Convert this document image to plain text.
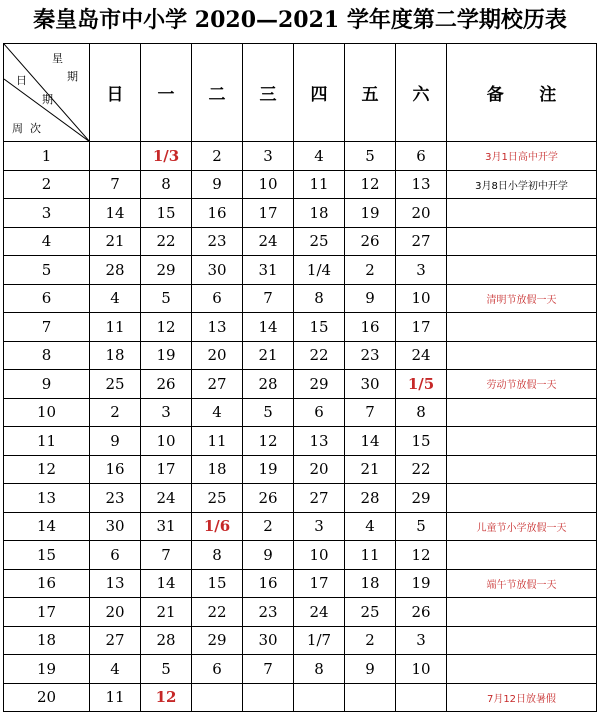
秦皇岛市中小学 2020—2021 学年度第二学期校历表
星
期
日
期
周  次	日	一	二	三	四	五	六	备      注
1		1/3	2	3	4	5	6	3月1日高中开学
2	7	8	9	10	11	12	13	3月8日小学初中开学
3	14	15	16	17	18	19	20	
4	21	22	23	24	25	26	27	
5	28	29	30	31	1/4	2	3	
6	4	5	6	7	8	9	10	清明节放假一天
7	11	12	13	14	15	16	17	
8	18	19	20	21	22	23	24	
9	25	26	27	28	29	30	1/5	劳动节放假一天
10	2	3	4	5	6	7	8	
11	9	10	11	12	13	14	15	
12	16	17	18	19	20	21	22	
13	23	24	25	26	27	28	29	
14	30	31	1/6	2	3	4	5	儿童节小学放假一天
15	6	7	8	9	10	11	12	
16	13	14	15	16	17	18	19	端午节放假一天
17	20	21	22	23	24	25	26	
18	27	28	29	30	1/7	2	3	
19	4	5	6	7	8	9	10	
20	11	12						7月12日放暑假
